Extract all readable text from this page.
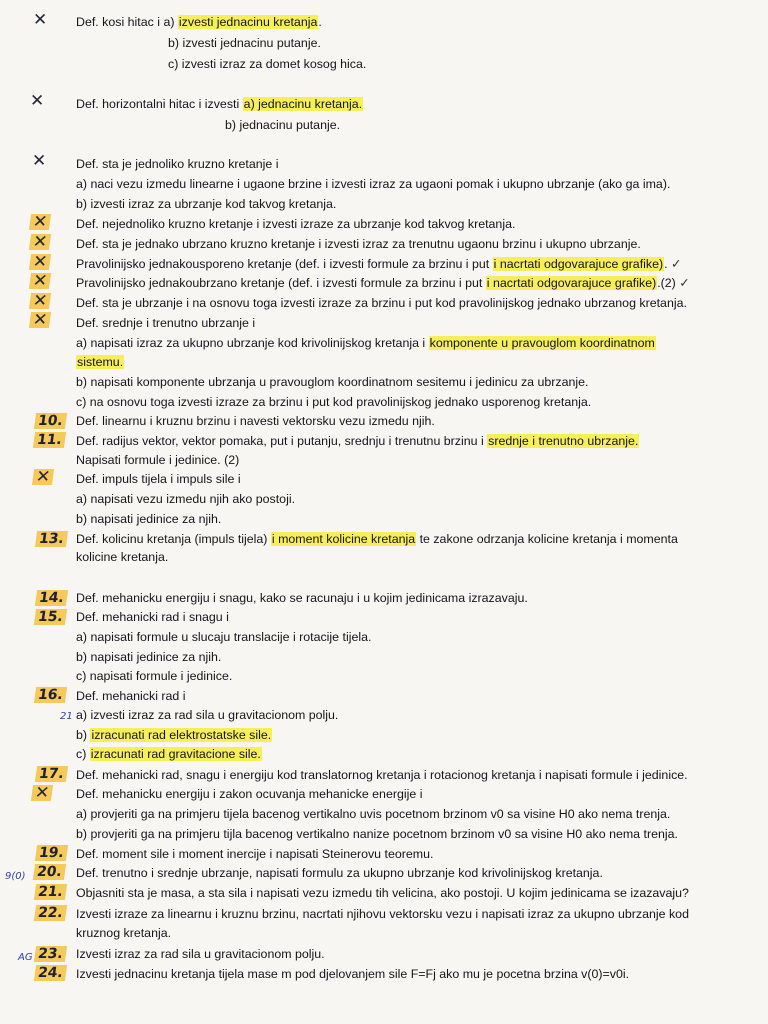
✕
✕
✕
✕
✕
✕
✕
✕
✕
10.
11.
✕
13.
14.
15.
16.
21
17.
✕
19.
9(0) 20.
21.
22.
AG 23.
24.
Def. kosi hitac i a) izvesti jednacinu kretanja.
b) izvesti jednacinu putanje.
c) izvesti izraz za domet kosog hica.
Def. horizontalni hitac i izvesti a) jednacinu kretanja.
b) jednacinu putanje.
Def. sta je jednoliko kruzno kretanje i
a) naci vezu izmedu linearne i ugaone brzine i izvesti izraz za ugaoni pomak i ukupno ubrzanje (ako ga ima).
b) izvesti izraz za ubrzanje kod takvog kretanja.
Def. nejednoliko kruzno kretanje i izvesti izraze za ubrzanje kod takvog kretanja.
Def. sta je jednako ubrzano kruzno kretanje i izvesti izraz za trenutnu ugaonu brzinu i ukupno ubrzanje.
Pravolinijsko jednakousporeno kretanje (def. i izvesti formule za brzinu i put i nacrtati odgovarajuce grafike). ✓
Pravolinijsko jednakoubrzano kretanje (def. i izvesti formule za brzinu i put i nacrtati odgovarajuce grafike).(2) ✓
Def. sta je ubrzanje i na osnovu toga izvesti izraze za brzinu i put kod pravolinijskog jednako ubrzanog kretanja.
Def. srednje i trenutno ubrzanje i
a) napisati izraz za ukupno ubrzanje kod krivolinijskog kretanja i komponente u pravouglom koordinatnom
sistemu.
b) napisati komponente ubrzanja u pravouglom koordinatnom sesitemu i jedinicu za ubrzanje.
c) na osnovu toga izvesti izraze za brzinu i put kod pravolinijskog jednako usporenog kretanja.
Def. linearnu i kruznu brzinu i navesti vektorsku vezu izmedu njih.
Def. radijus vektor, vektor pomaka, put i putanju, srednju i trenutnu brzinu i srednje i trenutno ubrzanje.
Napisati formule i jedinice. (2)
Def. impuls tijela i impuls sile i
a) napisati vezu izmedu njih ako postoji.
b) napisati jedinice za njih.
Def. kolicinu kretanja (impuls tijela) i moment kolicine kretanja te zakone odrzanja kolicine kretanja i momenta
kolicine kretanja.
Def. mehanicku energiju i snagu, kako se racunaju i u kojim jedinicama izrazavaju.
Def. mehanicki rad i snagu i
a) napisati formule u slucaju translacije i rotacije tijela.
b) napisati jedinice za njih.
c) napisati formule i jedinice.
Def. mehanicki rad i
a) izvesti izraz za rad sila u gravitacionom polju.
b) izracunati rad elektrostatske sile.
c) izracunati rad gravitacione sile.
Def. mehanicki rad, snagu i energiju kod translatornog kretanja i rotacionog kretanja i napisati formule i jedinice.
Def. mehanicku energiju i zakon ocuvanja mehanicke energije i
a) provjeriti ga na primjeru tijela bacenog vertikalno uvis pocetnom brzinom v0 sa visine H0 ako nema trenja.
b) provjeriti ga na primjeru tijla bacenog vertikalno nanize pocetnom brzinom v0 sa visine H0 ako nema trenja.
Def. moment sile i moment inercije i napisati Steinerovu teoremu.
Def. trenutno i srednje ubrzanje, napisati formulu za ukupno ubrzanje kod krivolinijskog kretanja.
Objasniti sta je masa, a sta sila i napisati vezu izmedu tih velicina, ako postoji. U kojim jedinicama se izazavaju?
Izvesti izraze za linearnu i kruznu brzinu, nacrtati njihovu vektorsku vezu i napisati izraz za ukupno ubrzanje kod
kruznog kretanja.
Izvesti izraz za rad sila u gravitacionom polju.
Izvesti jednacinu kretanja tijela mase m pod djelovanjem sile F=Fj ako mu je pocetna brzina v(0)=v0i.
